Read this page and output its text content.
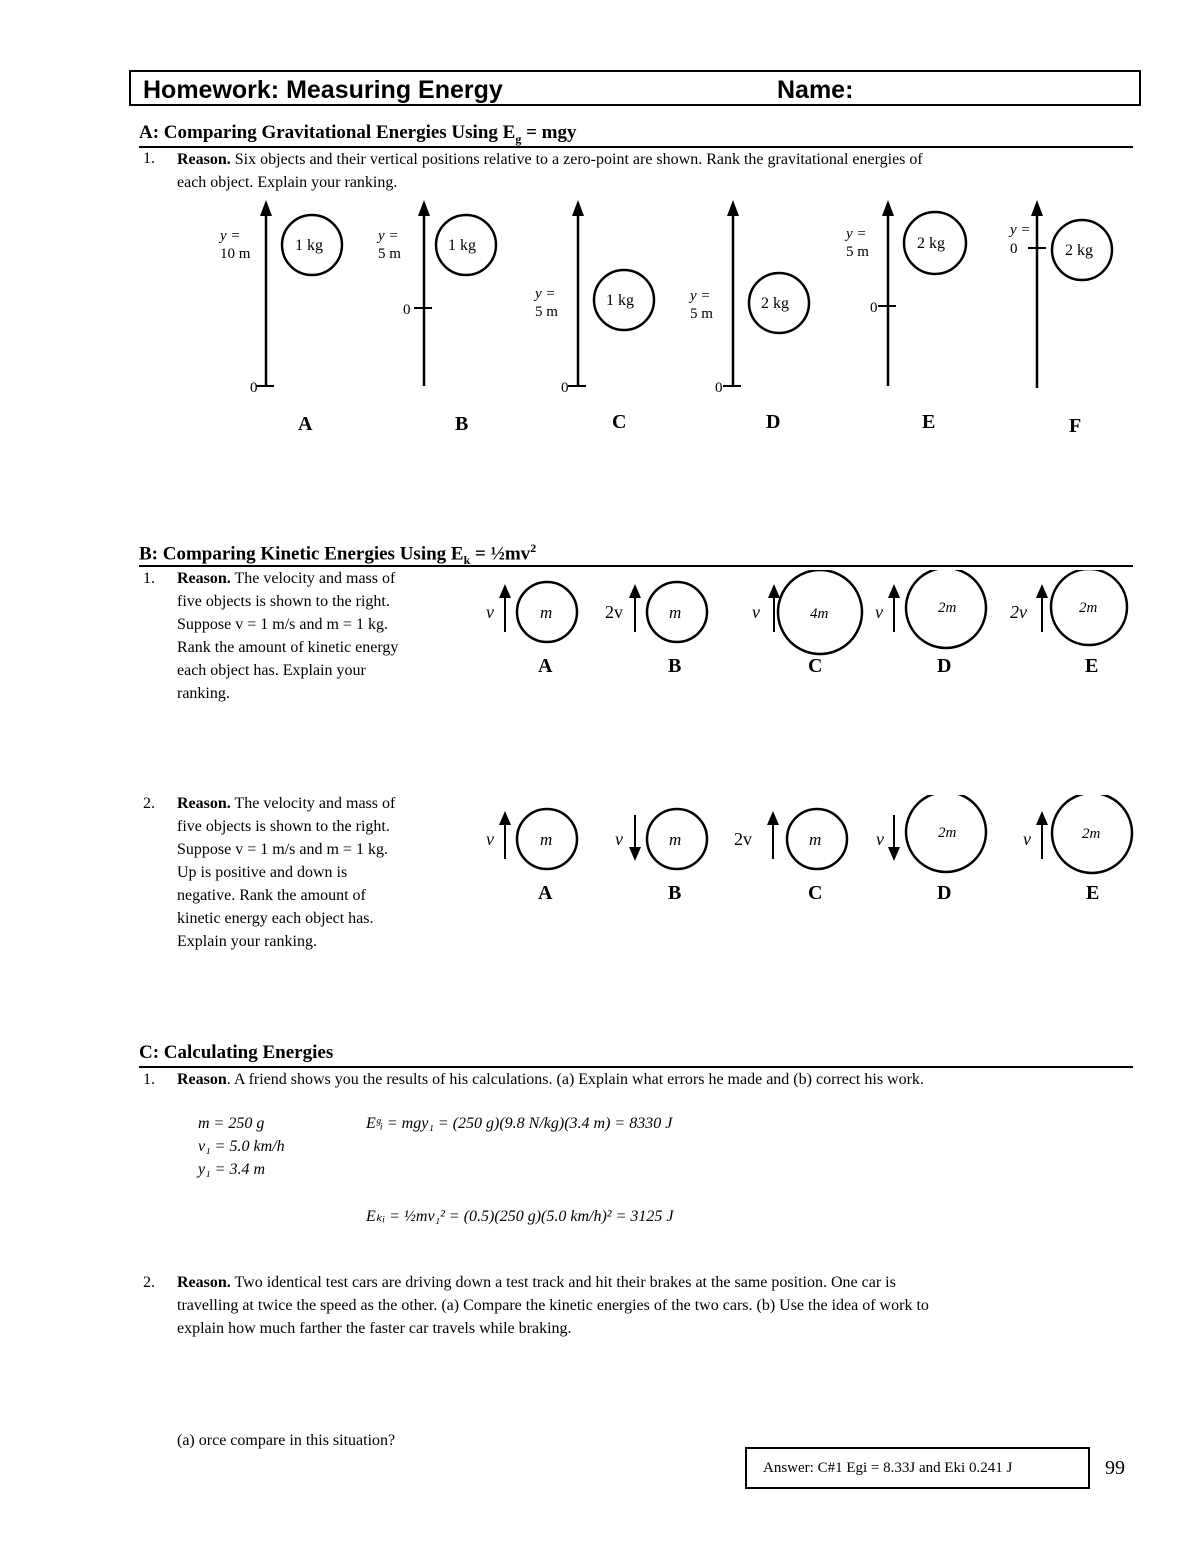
Homework: Measuring Energy	Name:
A: Comparing Gravitational Energies Using $E_g$ = mgy
1. Reason. Six objects and their vertical positions relative to a zero-point are shown. Rank the gravitational energies of
each object. Explain your ranking.
0
y =
10 m	1 kg
A
0
y =
5 m	1 kg
B
0
y =
5 m
1 kg
C
0
y =
5 m
2 kg
D
0
y =
5 m	2 kg
E
y =
0	2 kg
F
B: Comparing Kinetic Energies Using $E_k$ = $\frac{1}{2}mv^2$
1. Reason. The velocity and mass of
five objects is shown to the right.
Suppose v = 1 m/s and m = 1 kg.
Rank the amount of kinetic energy
each object has. Explain your
ranking.
v	m
A
2v	m
B
v	4m
C
v	2m
D
2v	2m
E
2. Reason. The velocity and mass of
five objects is shown to the right.
Suppose v = 1 m/s and m = 1 kg.
Up is positive and down is
negative. Rank the amount of
kinetic energy each object has.
Explain your ranking.
v	m
A
v	m
B
2v	m
C
v	2m
D
v	2m
E
C: Calculating Energies
1. Reason. A friend shows you the results of his calculations. (a) Explain what errors he made and (b) correct his work.
m = 250 g
v₁ = 5.0 km/h
y₁ = 3.4 m
Eᵍᵢ = mgy₁ = (250 g)(9.8 N/kg)(3.4 m) = 8330 J
Eₖᵢ = ½mv₁² = (0.5)(250 g)(5.0 km/h)² = 3125 J
2. Reason. Two identical test cars are driving down a test track and hit their brakes at the same position. One car is
travelling at twice the speed as the other. (a) Compare the kinetic energies of the two cars. (b) Use the idea of work to
explain how much farther the faster car travels while braking.
(a) orce compare in this situation?
Answer: C#1 Egi = 8.33J and Eki 0.241 J	99
